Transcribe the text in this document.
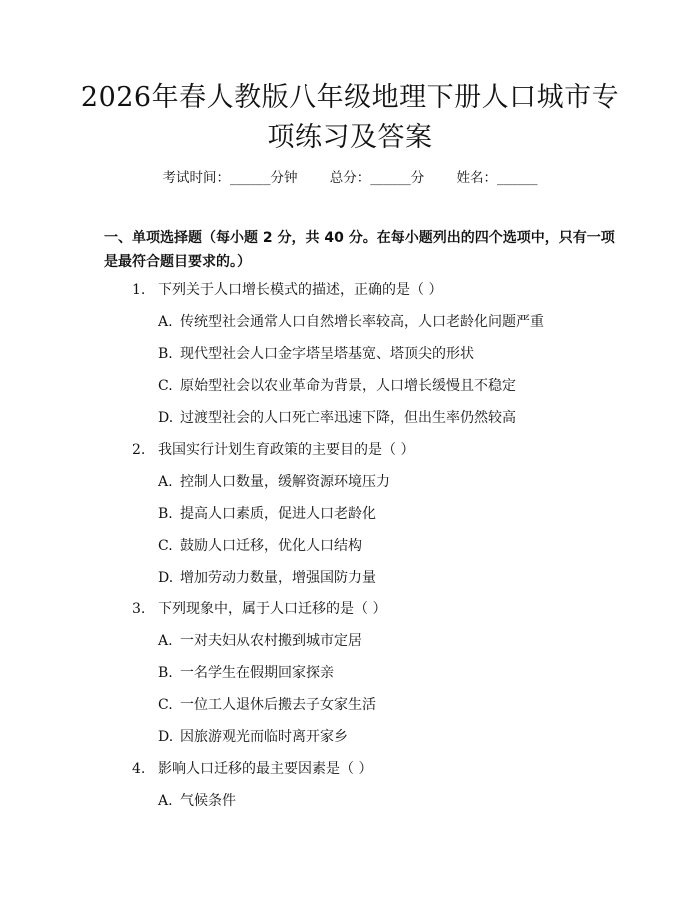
2026年春人教版八年级地理下册人口城市专
项练习及答案
考试时间：______分钟 总分：______分 姓名：______
一、单项选择题（每小题 2 分，共 40 分。在每小题列出的四个选项中，只有一项
是最符合题目要求的。）
1. 下列关于人口增长模式的描述，正确的是（ ）
A. 传统型社会通常人口自然增长率较高，人口老龄化问题严重
B. 现代型社会人口金字塔呈塔基宽、塔顶尖的形状
C. 原始型社会以农业革命为背景，人口增长缓慢且不稳定
D. 过渡型社会的人口死亡率迅速下降，但出生率仍然较高
2. 我国实行计划生育政策的主要目的是（ ）
A. 控制人口数量，缓解资源环境压力
B. 提高人口素质，促进人口老龄化
C. 鼓励人口迁移，优化人口结构
D. 增加劳动力数量，增强国防力量
3. 下列现象中，属于人口迁移的是（ ）
A. 一对夫妇从农村搬到城市定居
B. 一名学生在假期回家探亲
C. 一位工人退休后搬去子女家生活
D. 因旅游观光而临时离开家乡
4. 影响人口迁移的最主要因素是（ ）
A. 气候条件
